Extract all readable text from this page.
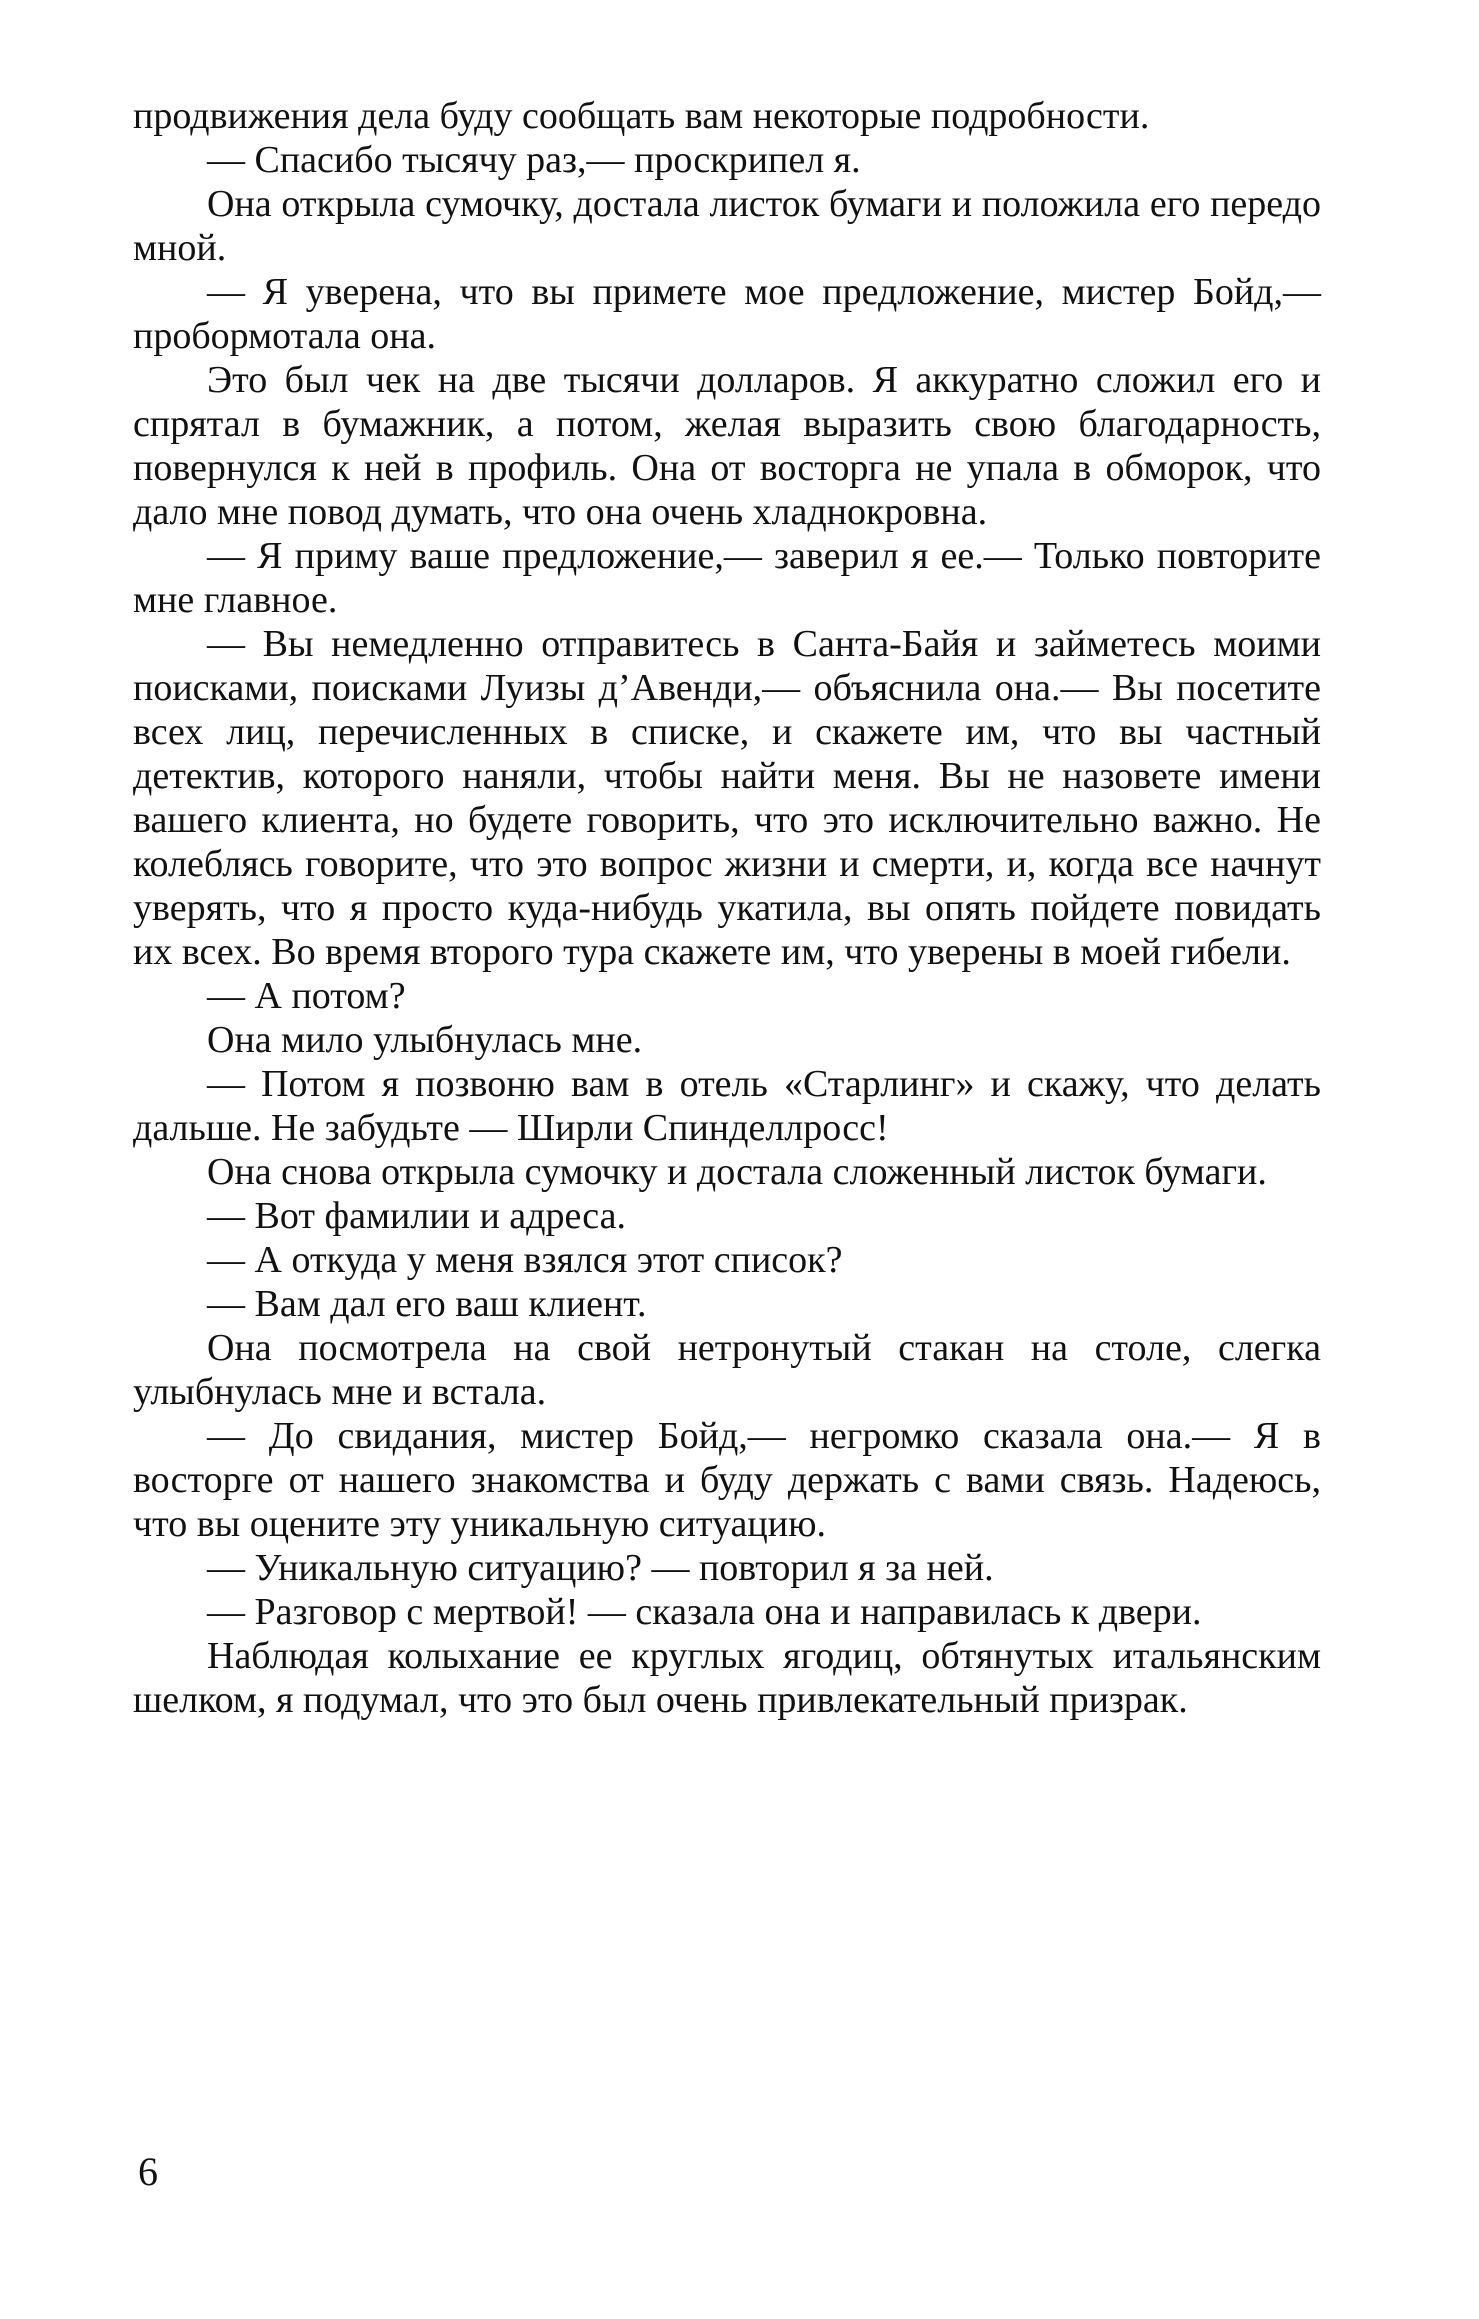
продвижения дела буду сообщать вам некоторые подробности.

— Спасибо тысячу раз,— проскрипел я.

Она открыла сумочку, достала листок бумаги и положила его передо мной.

— Я уверена, что вы примете мое предложение, мистер Бойд,— пробормотала она.

Это был чек на две тысячи долларов. Я аккуратно сложил его и спрятал в бумажник, а потом, желая выразить свою благодарность, повернулся к ней в профиль. Она от восторга не упала в обморок, что дало мне повод думать, что она очень хладнокровна.

— Я приму ваше предложение,— заверил я ее.— Только повторите мне главное.

— Вы немедленно отправитесь в Санта-Байя и займетесь моими поисками, поисками Луизы д’Авенди,— объяснила она.— Вы посетите всех лиц, перечисленных в списке, и скажете им, что вы частный детектив, которого наняли, чтобы найти меня. Вы не назовете имени вашего клиента, но будете говорить, что это исключительно важно. Не колеблясь говорите, что это вопрос жизни и смерти, и, когда все начнут уверять, что я просто куда-нибудь укатила, вы опять пойдете повидать их всех. Во время второго тура скажете им, что уверены в моей гибели.

— А потом?

Она мило улыбнулась мне.

— Потом я позвоню вам в отель «Старлинг» и скажу, что делать дальше. Не забудьте — Ширли Спинделлросс!

Она снова открыла сумочку и достала сложенный листок бумаги.

— Вот фамилии и адреса.

— А откуда у меня взялся этот список?

— Вам дал его ваш клиент.

Она посмотрела на свой нетронутый стакан на столе, слегка улыбнулась мне и встала.

— До свидания, мистер Бойд,— негромко сказала она.— Я в восторге от нашего знакомства и буду держать с вами связь. Надеюсь, что вы оцените эту уникальную ситуацию.

— Уникальную ситуацию? — повторил я за ней.

— Разговор с мертвой! — сказала она и направилась к двери.

Наблюдая колыхание ее круглых ягодиц, обтянутых итальянским шелком, я подумал, что это был очень привлекательный призрак.

6
